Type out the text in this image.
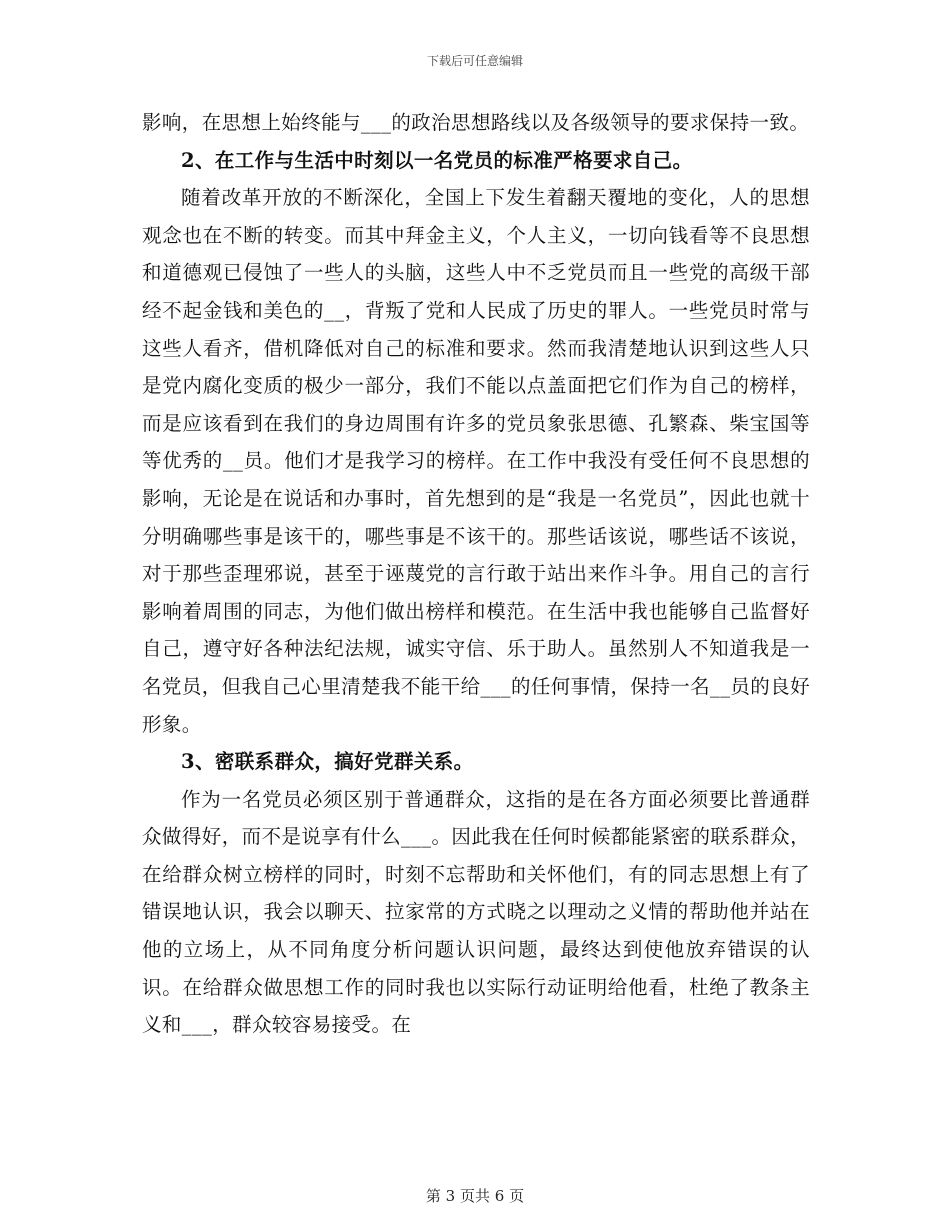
下载后可任意编辑

影响，在思想上始终能与___的政治思想路线以及各级领导的要求保持一致。

2、在工作与生活中时刻以一名党员的标准严格要求自己。

随着改革开放的不断深化，全国上下发生着翻天覆地的变化，人的思想观念也在不断的转变。而其中拜金主义，个人主义，一切向钱看等不良思想和道德观已侵蚀了一些人的头脑，这些人中不乏党员而且一些党的高级干部经不起金钱和美色的__，背叛了党和人民成了历史的罪人。一些党员时常与这些人看齐，借机降低对自己的标准和要求。然而我清楚地认识到这些人只是党内腐化变质的极少一部分，我们不能以点盖面把它们作为自己的榜样，而是应该看到在我们的身边周围有许多的党员象张思德、孔繁森、柴宝国等等优秀的__员。他们才是我学习的榜样。在工作中我没有受任何不良思想的影响，无论是在说话和办事时，首先想到的是“我是一名党员”，因此也就十分明确哪些事是该干的，哪些事是不该干的。那些话该说，哪些话不该说，对于那些歪理邪说，甚至于诬蔑党的言行敢于站出来作斗争。用自己的言行影响着周围的同志，为他们做出榜样和模范。在生活中我也能够自己监督好自己，遵守好各种法纪法规，诚实守信、乐于助人。虽然别人不知道我是一名党员，但我自己心里清楚我不能干给___的任何事情，保持一名__员的良好形象。

3、密联系群众，搞好党群关系。

作为一名党员必须区别于普通群众，这指的是在各方面必须要比普通群众做得好，而不是说享有什么___。因此我在任何时候都能紧密的联系群众，在给群众树立榜样的同时，时刻不忘帮助和关怀他们，有的同志思想上有了错误地认识，我会以聊天、拉家常的方式晓之以理动之义情的帮助他并站在他的立场上，从不同角度分析问题认识问题，最终达到使他放弃错误的认识。在给群众做思想工作的同时我也以实际行动证明给他看，杜绝了教条主义和___，群众较容易接受。在

第 3 页共 6 页
